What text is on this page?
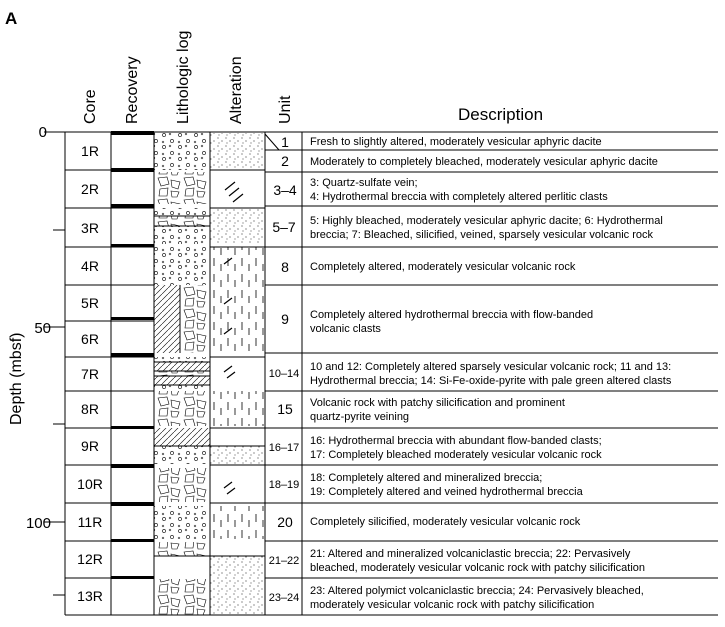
A
Core Recovery Lithologic log Alteration Unit	Description
Depth (mbsf)
0
50
100
1R
2R
3R
4R
5R
6R
7R
8R
9R
10R
11R
12R
13R
1
2
3–4
5–7
8
9
10–14
15
16–17
18–19
20
21–22
23–24
Fresh to slightly altered, moderately vesicular aphyric dacite
Moderately to completely bleached, moderately vesicular aphyric dacite
3: Quartz-sulfate vein;
4: Hydrothermal breccia with completely altered perlitic clasts
5: Highly bleached, moderately vesicular aphyric dacite; 6: Hydrothermal
breccia; 7: Bleached, silicified, veined, sparsely vesicular volcanic rock
Completely altered, moderately vesicular volcanic rock
Completely altered hydrothermal breccia with flow-banded
volcanic clasts
10 and 12: Completely altered sparsely vesicular volcanic rock; 11 and 13:
Hydrothermal breccia; 14: Si-Fe-oxide-pyrite with pale green altered clasts
Volcanic rock with patchy silicification and prominent
quartz-pyrite veining
16: Hydrothermal breccia with abundant flow-banded clasts;
17: Completely bleached moderately vesicular volcanic rock
18: Completely altered and mineralized breccia;
19: Completely altered and veined hydrothermal breccia
Completely silicified, moderately vesicular volcanic rock
21: Altered and mineralized volcaniclastic breccia; 22: Pervasively
bleached, moderately vesicular volcanic rock with patchy silicification
23: Altered polymict volcaniclastic breccia; 24: Pervasively bleached,
moderately vesicular volcanic rock with patchy silicification
